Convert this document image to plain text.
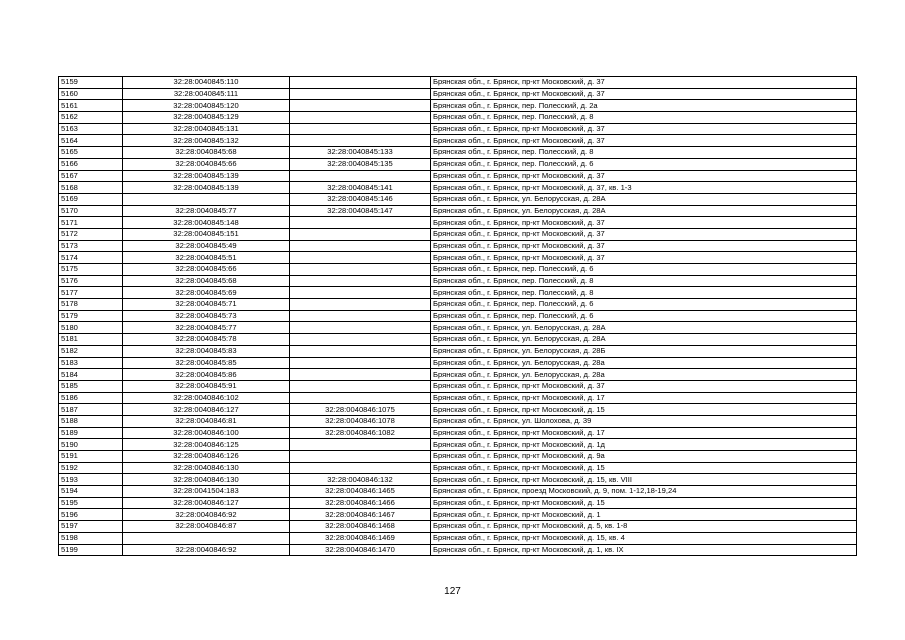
5159	32:28:0040845:110		Брянская обл., г. Брянск, пр-кт Московский, д. 37
5160	32:28:0040845:111		Брянская обл., г. Брянск, пр-кт Московский, д. 37
5161	32:28:0040845:120		Брянская обл., г. Брянск, пер. Полесский, д. 2а
5162	32:28:0040845:129		Брянская обл., г. Брянск, пер. Полесский, д. 8
5163	32:28:0040845:131		Брянская обл., г. Брянск, пр-кт Московский, д. 37
5164	32:28:0040845:132		Брянская обл., г. Брянск, пр-кт Московский, д. 37
5165	32:28:0040845:68	32:28:0040845:133	Брянская обл., г. Брянск, пер. Полесский, д. 8
5166	32:28:0040845:66	32:28:0040845:135	Брянская обл., г. Брянск, пер. Полесский, д. 6
5167	32:28:0040845:139		Брянская обл., г. Брянск, пр-кт Московский, д. 37
5168	32:28:0040845:139	32:28:0040845:141	Брянская обл., г. Брянск, пр-кт Московский, д. 37, кв. 1-3
5169		32:28:0040845:146	Брянская обл., г. Брянск, ул. Белорусская, д. 28А
5170	32:28:0040845:77	32:28:0040845:147	Брянская обл., г. Брянск, ул. Белорусская, д. 28А
5171	32:28:0040845:148		Брянская обл., г. Брянск, пр-кт Московский, д. 37
5172	32:28:0040845:151		Брянская обл., г. Брянск, пр-кт Московский, д. 37
5173	32:28:0040845:49		Брянская обл., г. Брянск, пр-кт Московский, д. 37
5174	32:28:0040845:51		Брянская обл., г. Брянск, пр-кт Московский, д. 37
5175	32:28:0040845:66		Брянская обл., г. Брянск, пер. Полесский, д. 6
5176	32:28:0040845:68		Брянская обл., г. Брянск, пер. Полесский, д. 8
5177	32:28:0040845:69		Брянская обл., г. Брянск, пер. Полесский, д. 8
5178	32:28:0040845:71		Брянская обл., г. Брянск, пер. Полесский, д. 6
5179	32:28:0040845:73		Брянская обл., г. Брянск, пер. Полесский, д. 6
5180	32:28:0040845:77		Брянская обл., г. Брянск, ул. Белорусская, д. 28А
5181	32:28:0040845:78		Брянская обл., г. Брянск, ул. Белорусская, д. 28А
5182	32:28:0040845:83		Брянская обл., г. Брянск, ул. Белорусская, д. 28Б
5183	32:28:0040845:85		Брянская обл., г. Брянск, ул. Белорусская, д. 28а
5184	32:28:0040845:86		Брянская обл., г. Брянск, ул. Белорусская, д. 28а
5185	32:28:0040845:91		Брянская обл., г. Брянск, пр-кт Московский, д. 37
5186	32:28:0040846:102		Брянская обл., г. Брянск, пр-кт Московский, д. 17
5187	32:28:0040846:127	32:28:0040846:1075	Брянская обл., г. Брянск, пр-кт Московский, д. 15
5188	32:28:0040846:81	32:28:0040846:1078	Брянская обл., г. Брянск, ул. Шолохова, д. 39
5189	32:28:0040846:100	32:28:0040846:1082	Брянская обл., г. Брянск, пр-кт Московский, д. 17
5190	32:28:0040846:125		Брянская обл., г. Брянск, пр-кт Московский, д. 1д
5191	32:28:0040846:126		Брянская обл., г. Брянск, пр-кт Московский, д. 9а
5192	32:28:0040846:130		Брянская обл., г. Брянск, пр-кт Московский, д. 15
5193	32:28:0040846:130	32:28:0040846:132	Брянская обл., г. Брянск, пр-кт Московский, д. 15, кв. VIII
5194	32:28:0041504:183	32:28:0040846:1465	Брянская обл., г. Брянск, проезд Московский, д. 9, пом. 1-12,18-19,24
5195	32:28:0040846:127	32:28:0040846:1466	Брянская обл., г. Брянск, пр-кт Московский, д. 15
5196	32:28:0040846:92	32:28:0040846:1467	Брянская обл., г. Брянск, пр-кт Московский, д. 1
5197	32:28:0040846:87	32:28:0040846:1468	Брянская обл., г. Брянск, пр-кт Московский, д. 5, кв. 1-8
5198		32:28:0040846:1469	Брянская обл., г. Брянск, пр-кт Московский, д. 15, кв. 4
5199	32:28:0040846:92	32:28:0040846:1470	Брянская обл., г. Брянск, пр-кт Московский, д. 1, кв. IX
127
